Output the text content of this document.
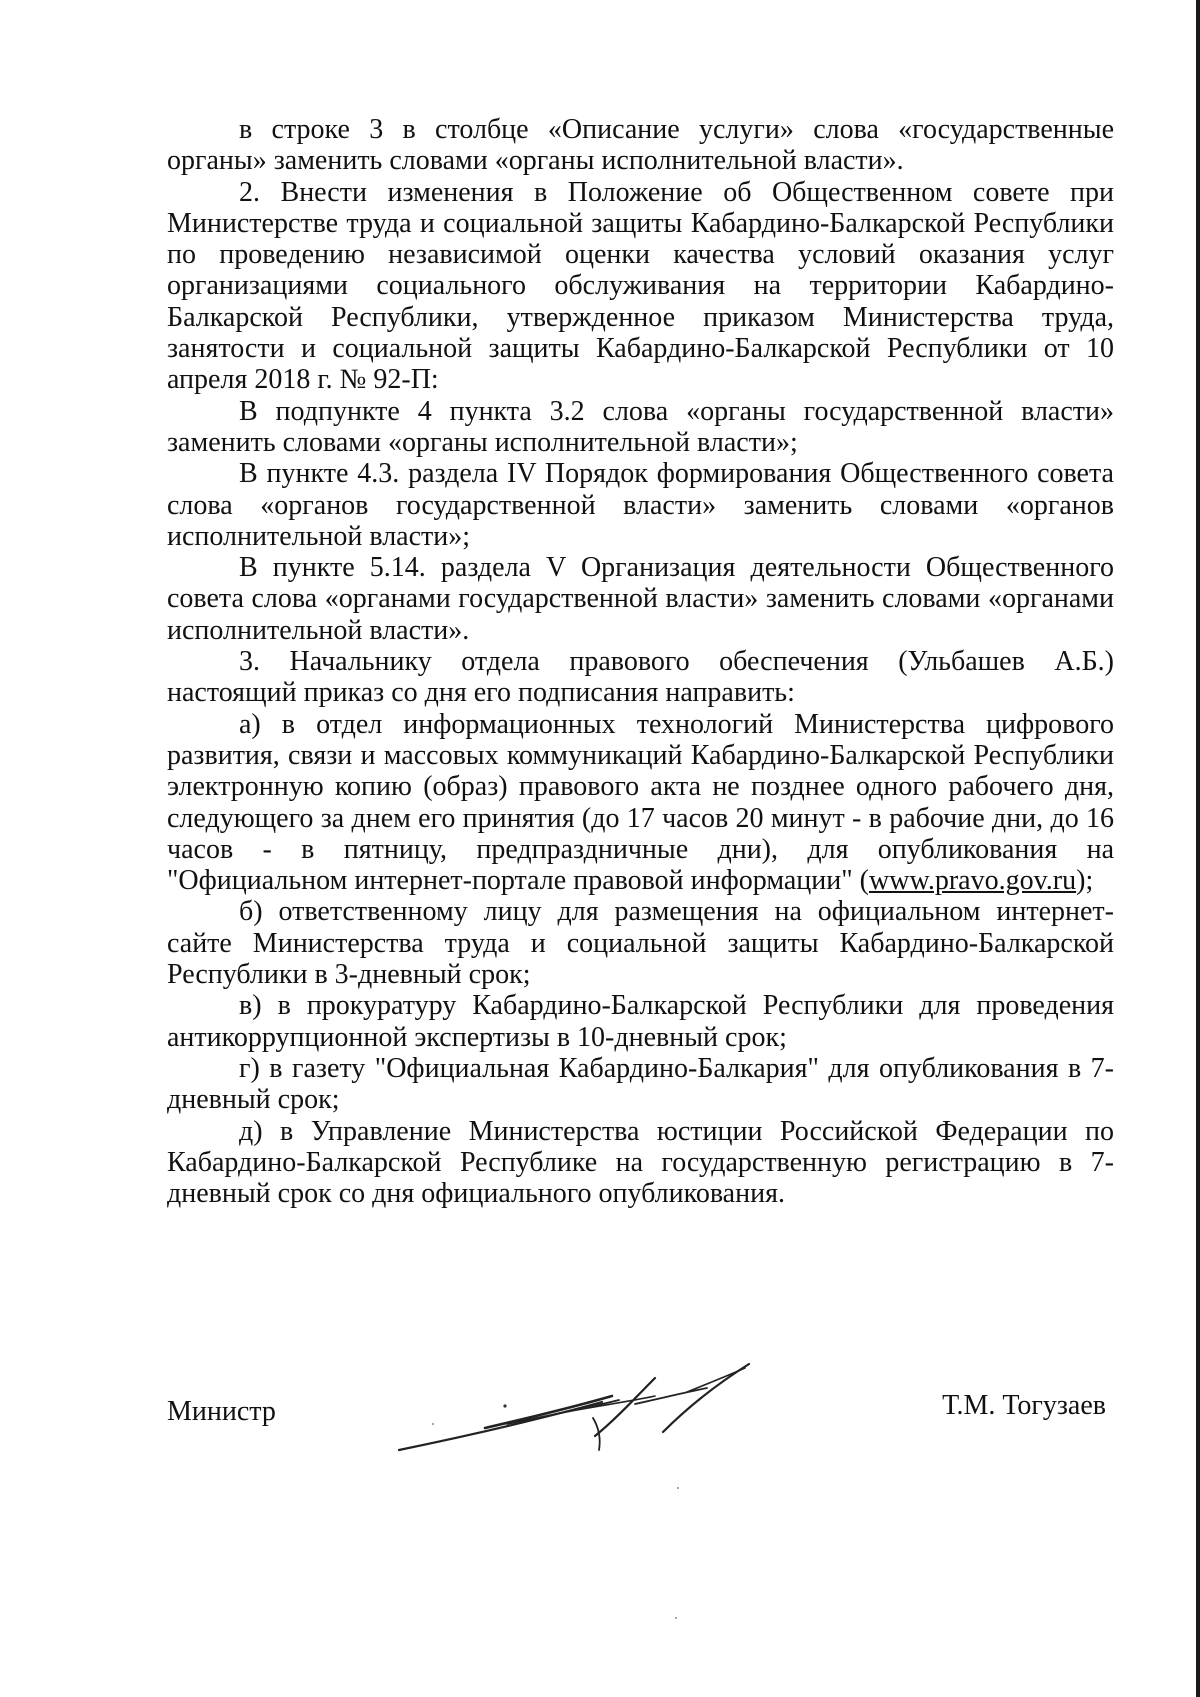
в строке 3 в столбце «Описание услуги» слова «государственные органы» заменить словами «органы исполнительной власти».

2. Внести изменения в Положение об Общественном совете при Министерстве труда и социальной защиты Кабардино-Балкарской Республики по проведению независимой оценки качества условий оказания услуг организациями социального обслуживания на территории Кабардино-Балкарской Республики, утвержденное приказом Министерства труда, занятости и социальной защиты Кабардино-Балкарской Республики от 10 апреля 2018 г. № 92-П:

В подпункте 4 пункта 3.2 слова «органы государственной власти» заменить словами «органы исполнительной власти»;

В пункте 4.3. раздела IV Порядок формирования Общественного совета слова «органов государственной власти» заменить словами «органов исполнительной власти»;

В пункте 5.14. раздела V Организация деятельности Общественного совета слова «органами государственной власти» заменить словами «органами исполнительной власти».

3. Начальнику отдела правового обеспечения (Ульбашев А.Б.) настоящий приказ со дня его подписания направить:

а) в отдел информационных технологий Министерства цифрового развития, связи и массовых коммуникаций Кабардино-Балкарской Республики электронную копию (образ) правового акта не позднее одного рабочего дня, следующего за днем его принятия (до 17 часов 20 минут - в рабочие дни, до 16 часов - в пятницу, предпраздничные дни), для опубликования на "Официальном интернет-портале правовой информации" (www.pravo.gov.ru);

б) ответственному лицу для размещения на официальном интернет-сайте Министерства труда и социальной защиты Кабардино-Балкарской Республики в 3-дневный срок;

в) в прокуратуру Кабардино-Балкарской Республики для проведения антикоррупционной экспертизы в 10-дневный срок;

г) в газету "Официальная Кабардино-Балкария" для опубликования в 7-дневный срок;

д) в Управление Министерства юстиции Российской Федерации по Кабардино-Балкарской Республике на государственную регистрацию в 7-дневный срок со дня официального опубликования.

Министр	Т.М. Тогузаев
